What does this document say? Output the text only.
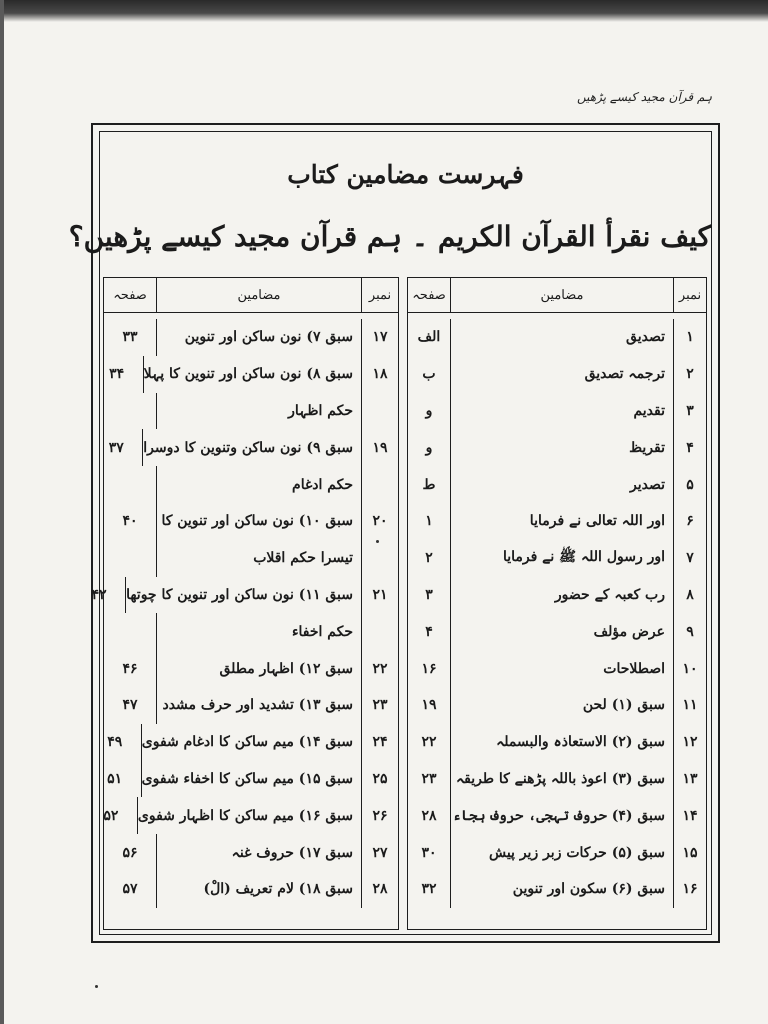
ہم قرآن مجید کیسے پڑھیں
فہرست مضامین کتاب
کیف نقرأ القرآن الکریم ۔ ہم قرآن مجید کیسے پڑھیں؟
نمبر
مضامین
صفحہ
۱
تصدیق
الف
۲
ترجمہ تصدیق
ب
۳
تقدیم
و
۴
تقریظ
و
۵
تصدیر
ط
۶
اور اللہ تعالی نے فرمایا
۱
۷
اور رسول اللہ ﷺ نے فرمایا
۲
۸
رب کعبہ کے حضور
۳
۹
عرض مؤلف
۴
۱۰
اصطلاحات
۱۶
۱۱
سبق (۱) لحن
۱۹
۱۲
سبق (۲) الاستعاذہ والبسملہ
۲۲
۱۳
سبق (۳) اعوذ باللہ پڑھنے کا طریقہ
۲۳
۱۴
سبق (۴) حروف تہجی، حروف ہجاء
۲۸
۱۵
سبق (۵) حرکات زبر زیر پیش
۳۰
۱۶
سبق (۶) سکون اور تنوین
۳۲
نمبر
مضامین
صفحہ
۱۷
سبق ۷) نون ساکن اور تنوین
۳۳
۱۸
سبق ۸) نون ساکن اور تنوین کا پہلا
۳۴
حکم اظہار
۱۹
سبق ۹) نون ساکن وتنوین کا دوسرا
۳۷
حکم ادغام
۲۰
سبق ۱۰) نون ساکن اور تنوین کا
۴۰
تیسرا حکم اقلاب
۲۱
سبق ۱۱) نون ساکن اور تنوین کا چوتھا
۴۲
حکم اخفاء
۲۲
سبق ۱۲) اظہار مطلق
۴۶
۲۳
سبق ۱۳) تشدید اور حرف مشدد
۴۷
۲۴
سبق ۱۴) میم ساکن کا ادغام شفوی
۴۹
۲۵
سبق ۱۵) میم ساکن کا اخفاء شفوی
۵۱
۲۶
سبق ۱۶) میم ساکن کا اظہار شفوی
۵۲
۲۷
سبق ۱۷) حروف غنہ
۵۶
۲۸
سبق ۱۸) لام تعریف (الْ)
۵۷
